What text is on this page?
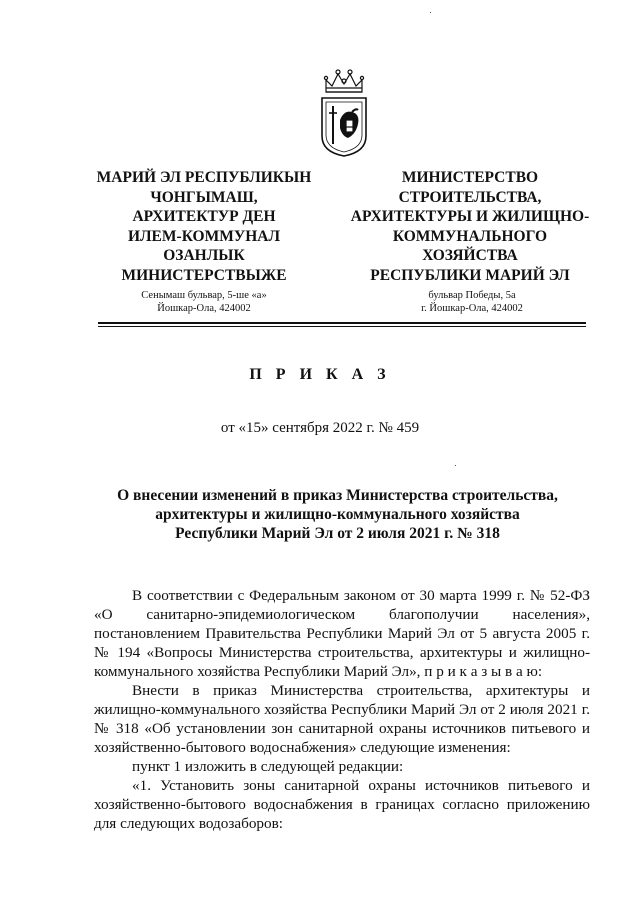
МАРИЙ ЭЛ РЕСПУБЛИКЫН
ЧОНГЫМАШ,
АРХИТЕКТУР ДЕН
ИЛЕМ-КОММУНАЛ
ОЗАНЛЫК
МИНИСТЕРСТВЫЖЕ
МИНИСТЕРСТВО
СТРОИТЕЛЬСТВА,
АРХИТЕКТУРЫ И ЖИЛИЩНО-
КОММУНАЛЬНОГО
ХОЗЯЙСТВА
РЕСПУБЛИКИ МАРИЙ ЭЛ
Сенымаш бульвар, 5-ше «а»
Йошкар-Ола, 424002
бульвар Победы, 5а
г. Йошкар-Ола, 424002
П Р И К А З
от «15» сентября 2022 г. № 459
О внесении изменений в приказ Министерства строительства,
архитектуры и жилищно-коммунального хозяйства
Республики Марий Эл от 2 июля 2021 г. № 318

В соответствии с Федеральным законом от 30 марта 1999 г. № 52-ФЗ «О санитарно-эпидемиологическом благополучии населения», постановлением Правительства Республики Марий Эл от 5 августа 2005 г. № 194 «Вопросы Министерства строительства, архитектуры и жилищно-коммунального хозяйства Республики Марий Эл», п р и к а з ы в а ю:

Внести в приказ Министерства строительства, архитектуры и жилищно-коммунального хозяйства Республики Марий Эл от 2 июля 2021 г. № 318 «Об установлении зон санитарной охраны источников питьевого и хозяйственно-бытового водоснабжения» следующие изменения:

пункт 1 изложить в следующей редакции:

«1. Установить зоны санитарной охраны источников питьевого и хозяйственно-бытового водоснабжения в границах согласно приложению для следующих водозаборов:
